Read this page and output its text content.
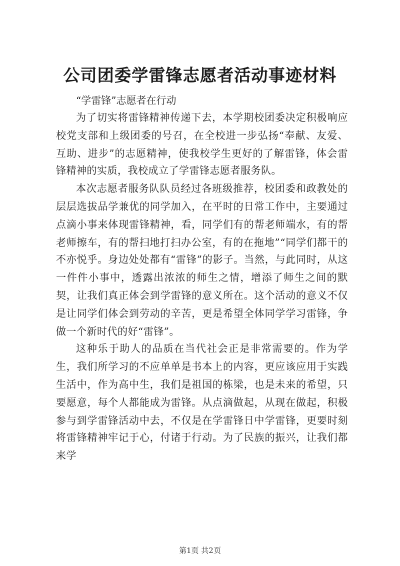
公司团委学雷锋志愿者活动事迹材料
“学雷锋”志愿者在行动

为了切实将雷锋精神传递下去，本学期校团委决定积极响应校党支部和上级团委的号召，在全校进一步弘扬“奉献、友爱、互助、进步”的志愿精神，使我校学生更好的了解雷锋，体会雷锋精神的实质，我校成立了学雷锋志愿者服务队。

本次志愿者服务队队员经过各班级推荐，校团委和政教处的层层选拔品学兼优的同学加入，在平时的日常工作中，主要通过点滴小事来体现雷锋精神，看，同学们有的帮老师端水，有的帮老师擦车，有的帮扫地打扫办公室，有的在拖地”“同学们都干的不亦悦乎。身边处处都有“雷锋”的影子。当然，与此同时，从这一件件小事中，透露出浓浓的师生之情，增添了师生之间的默契，让我们真正体会到学雷锋的意义所在。这个活动的意义不仅是让同学们体会到劳动的辛苦，更是希望全体同学学习雷锋，争做一个新时代的好“雷锋”。

这种乐于助人的品质在当代社会正是非常需要的。作为学生，我们所学习的不应单单是书本上的内容，更应该应用于实践生活中，作为高中生，我们是祖国的栋梁，也是未来的希望，只要愿意，每个人都能成为雷锋。从点滴做起，从现在做起，积极参与到学雷锋活动中去，不仅是在学雷锋日中学雷锋，更要时刻将雷锋精神牢记于心，付诸于行动。为了民族的振兴，让我们都来学

第1页 共2页
